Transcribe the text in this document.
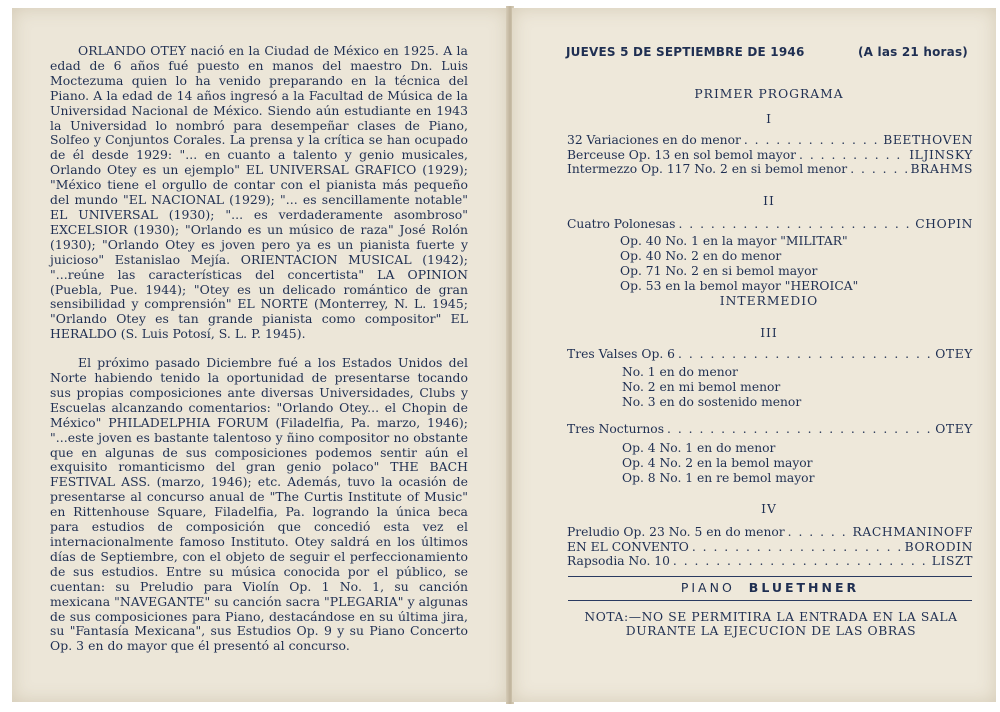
ORLANDO OTEY nació en la Ciudad de México en 1925. A la edad de 6 años fué puesto en manos del maestro Dn. Luis Moctezuma quien lo ha venido preparando en la técnica del Piano. A la edad de 14 años ingresó a la Facultad de Música de la Universidad Nacional de México. Siendo aún estudiante en 1943 la Universidad lo nombró para desempeñar clases de Piano, Solfeo y Conjuntos Corales. La prensa y la crítica se han ocupado de él desde 1929: "... en cuanto a talento y genio musicales, Orlando Otey es un ejemplo" EL UNIVERSAL GRAFICO (1929); "México tiene el orgullo de contar con el pianista más pequeño del mundo "EL NACIONAL (1929); "... es sencillamente notable" EL UNIVERSAL (1930); "... es verdaderamente asombroso" EXCELSIOR (1930); "Orlando es un músico de raza" José Rolón (1930); "Orlando Otey es joven pero ya es un pianista fuerte y juicioso" Estanislao Mejía. ORIENTACION MUSICAL (1942); "...reúne las características del concertista" LA OPINION (Puebla, Pue. 1944); "Otey es un delicado romántico de gran sensibilidad y comprensión" EL NORTE (Monterrey, N. L. 1945; "Orlando Otey es tan grande pianista como compositor" EL HERALDO (S. Luis Potosí, S. L. P. 1945).

El próximo pasado Diciembre fué a los Estados Unidos del Norte habiendo tenido la oportunidad de presentarse tocando sus propias composiciones ante diversas Universidades, Clubs y Escuelas alcanzando comentarios: "Orlando Otey... el Chopin de México" PHILADELPHIA FORUM (Filadelfia, Pa. marzo, 1946); "...este joven es bastante talentoso y ñino compositor no obstante que en algunas de sus composiciones podemos sentir aún el exquisito romanticismo del gran genio polaco" THE BACH FESTIVAL ASS. (marzo, 1946); etc. Además, tuvo la ocasión de presentarse al concurso anual de "The Curtis Institute of Music" en Rittenhouse Square, Filadelfia, Pa. logrando la única beca para estudios de composición que concedió esta vez el internacionalmente famoso Instituto. Otey saldrá en los últimos días de Septiembre, con el objeto de seguir el perfeccionamiento de sus estudios. Entre su música conocida por el público, se cuentan: su Preludio para Violín Op. 1 No. 1, su canción mexicana "NAVEGANTE" su canción sacra "PLEGARIA" y algunas de sus composiciones para Piano, destacándose en su última jira, su "Fantasía Mexicana", sus Estudios Op. 9 y su Piano Concerto Op. 3 en do mayor que él presentó al concurso.

JUEVES 5 DE SEPTIEMBRE DE 1946	(A las 21 horas)
PRIMER PROGRAMA
I
32 Variaciones en do menor . . .	BEETHOVEN
Berceuse Op. 13 en sol bemol mayor . . .	ILJINSKY
Intermezzo Op. 117 No. 2 en si bemol menor . . .	BRAHMS
II
Cuatro Polonesas . . .	CHOPIN
Op. 40 No. 1 en la mayor "MILITAR"
Op. 40 No. 2 en do menor
Op. 71 No. 2 en si bemol mayor
Op. 53 en la bemol mayor "HEROICA"
INTERMEDIO
III
Tres Valses Op. 6 . . .	OTEY
No. 1 en do menor
No. 2 en mi bemol menor
No. 3 en do sostenido menor
Tres Nocturnos . . .	OTEY
Op. 4 No. 1 en do menor
Op. 4 No. 2 en la bemol mayor
Op. 8 No. 1 en re bemol mayor
IV
Preludio Op. 23 No. 5 en do menor . . .	RACHMANINOFF
EN EL CONVENTO . . .	BORODIN
Rapsodia No. 10 . . .	LISZT
PIANO BLUETHNER
NOTA:—NO SE PERMITIRA LA ENTRADA EN LA SALA
DURANTE LA EJECUCION DE LAS OBRAS
